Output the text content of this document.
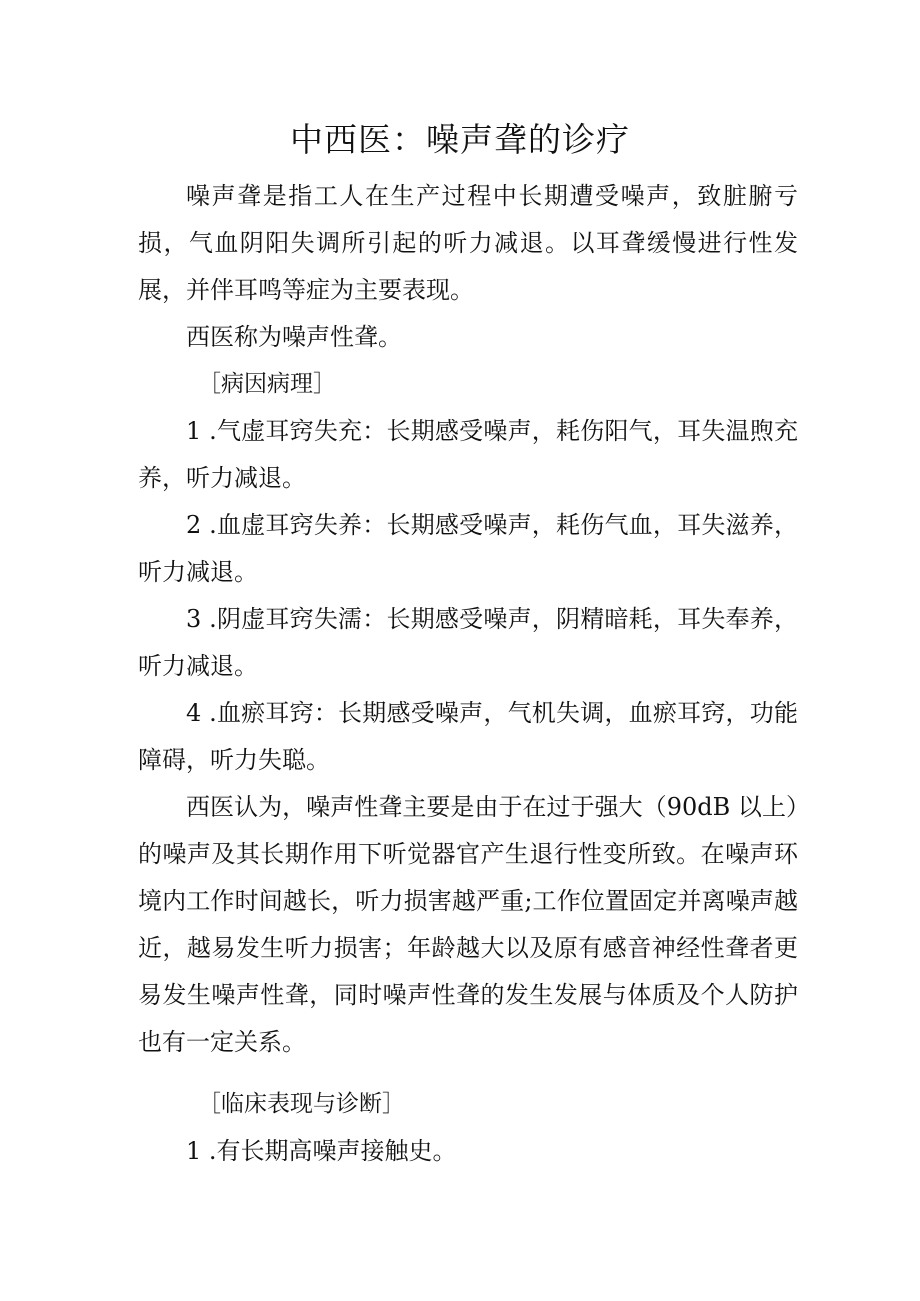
中西医：噪声聋的诊疗

噪声聋是指工人在生产过程中长期遭受噪声，致脏腑亏损，气血阴阳失调所引起的听力减退。以耳聋缓慢进行性发展，并伴耳鸣等症为主要表现。

西医称为噪声性聋。

［病因病理］

1 .气虚耳窍失充：长期感受噪声，耗伤阳气，耳失温煦充养，听力减退。

2 .血虚耳窍失养：长期感受噪声，耗伤气血，耳失滋养，听力减退。

3 .阴虚耳窍失濡：长期感受噪声，阴精暗耗，耳失奉养，听力减退。

4 .血瘀耳窍：长期感受噪声，气机失调，血瘀耳窍，功能障碍，听力失聪。

西医认为，噪声性聋主要是由于在过于强大（90dB 以上）的噪声及其长期作用下听觉器官产生退行性变所致。在噪声环境内工作时间越长，听力损害越严重;工作位置固定并离噪声越近，越易发生听力损害；年龄越大以及原有感音神经性聋者更易发生噪声性聋，同时噪声性聋的发生发展与体质及个人防护也有一定关系。

［临床表现与诊断］

1 .有长期高噪声接触史。
